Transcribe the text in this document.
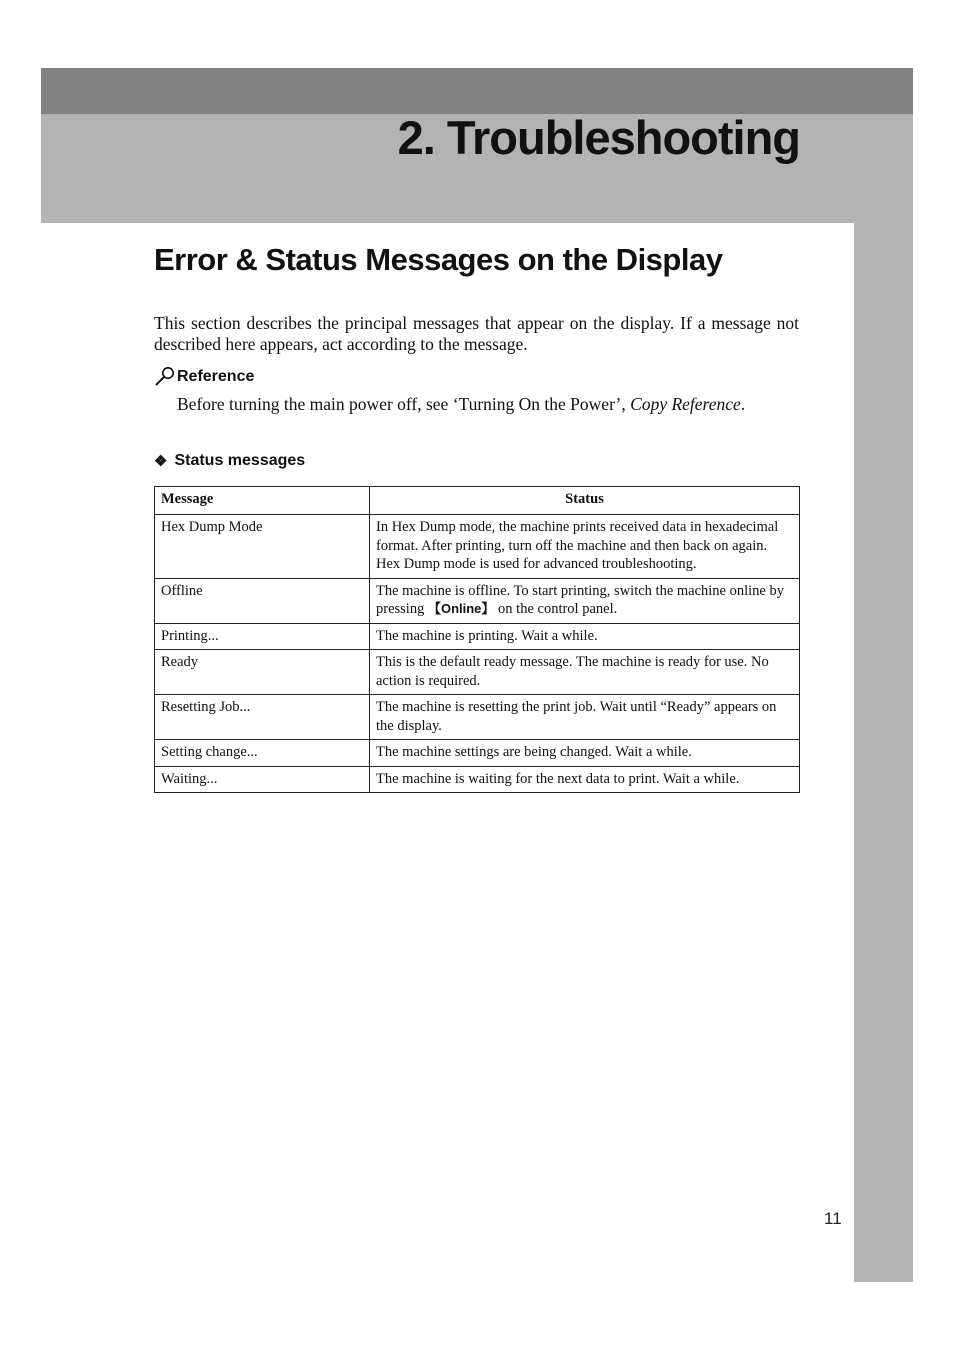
2. Troubleshooting
Error & Status Messages on the Display

This section describes the principal messages that appear on the display. If a message not described here appears, act according to the message.

Reference

Before turning the main power off, see ‘Turning On the Power’, Copy Reference.

❖ Status messages
Message	Status
Hex Dump Mode	In Hex Dump mode, the machine prints received data in hexadecimal format. After printing, turn off the machine and then back on again. Hex Dump mode is used for advanced troubleshooting.
Offline	The machine is offline. To start printing, switch the machine online by pressing 【Online】 on the control panel.
Printing...	The machine is printing. Wait a while.
Ready	This is the default ready message. The machine is ready for use. No action is required.
Resetting Job...	The machine is resetting the print job. Wait until “Ready” appears on the display.
Setting change...	The machine settings are being changed. Wait a while.
Waiting...	The machine is waiting for the next data to print. Wait a while.
11
